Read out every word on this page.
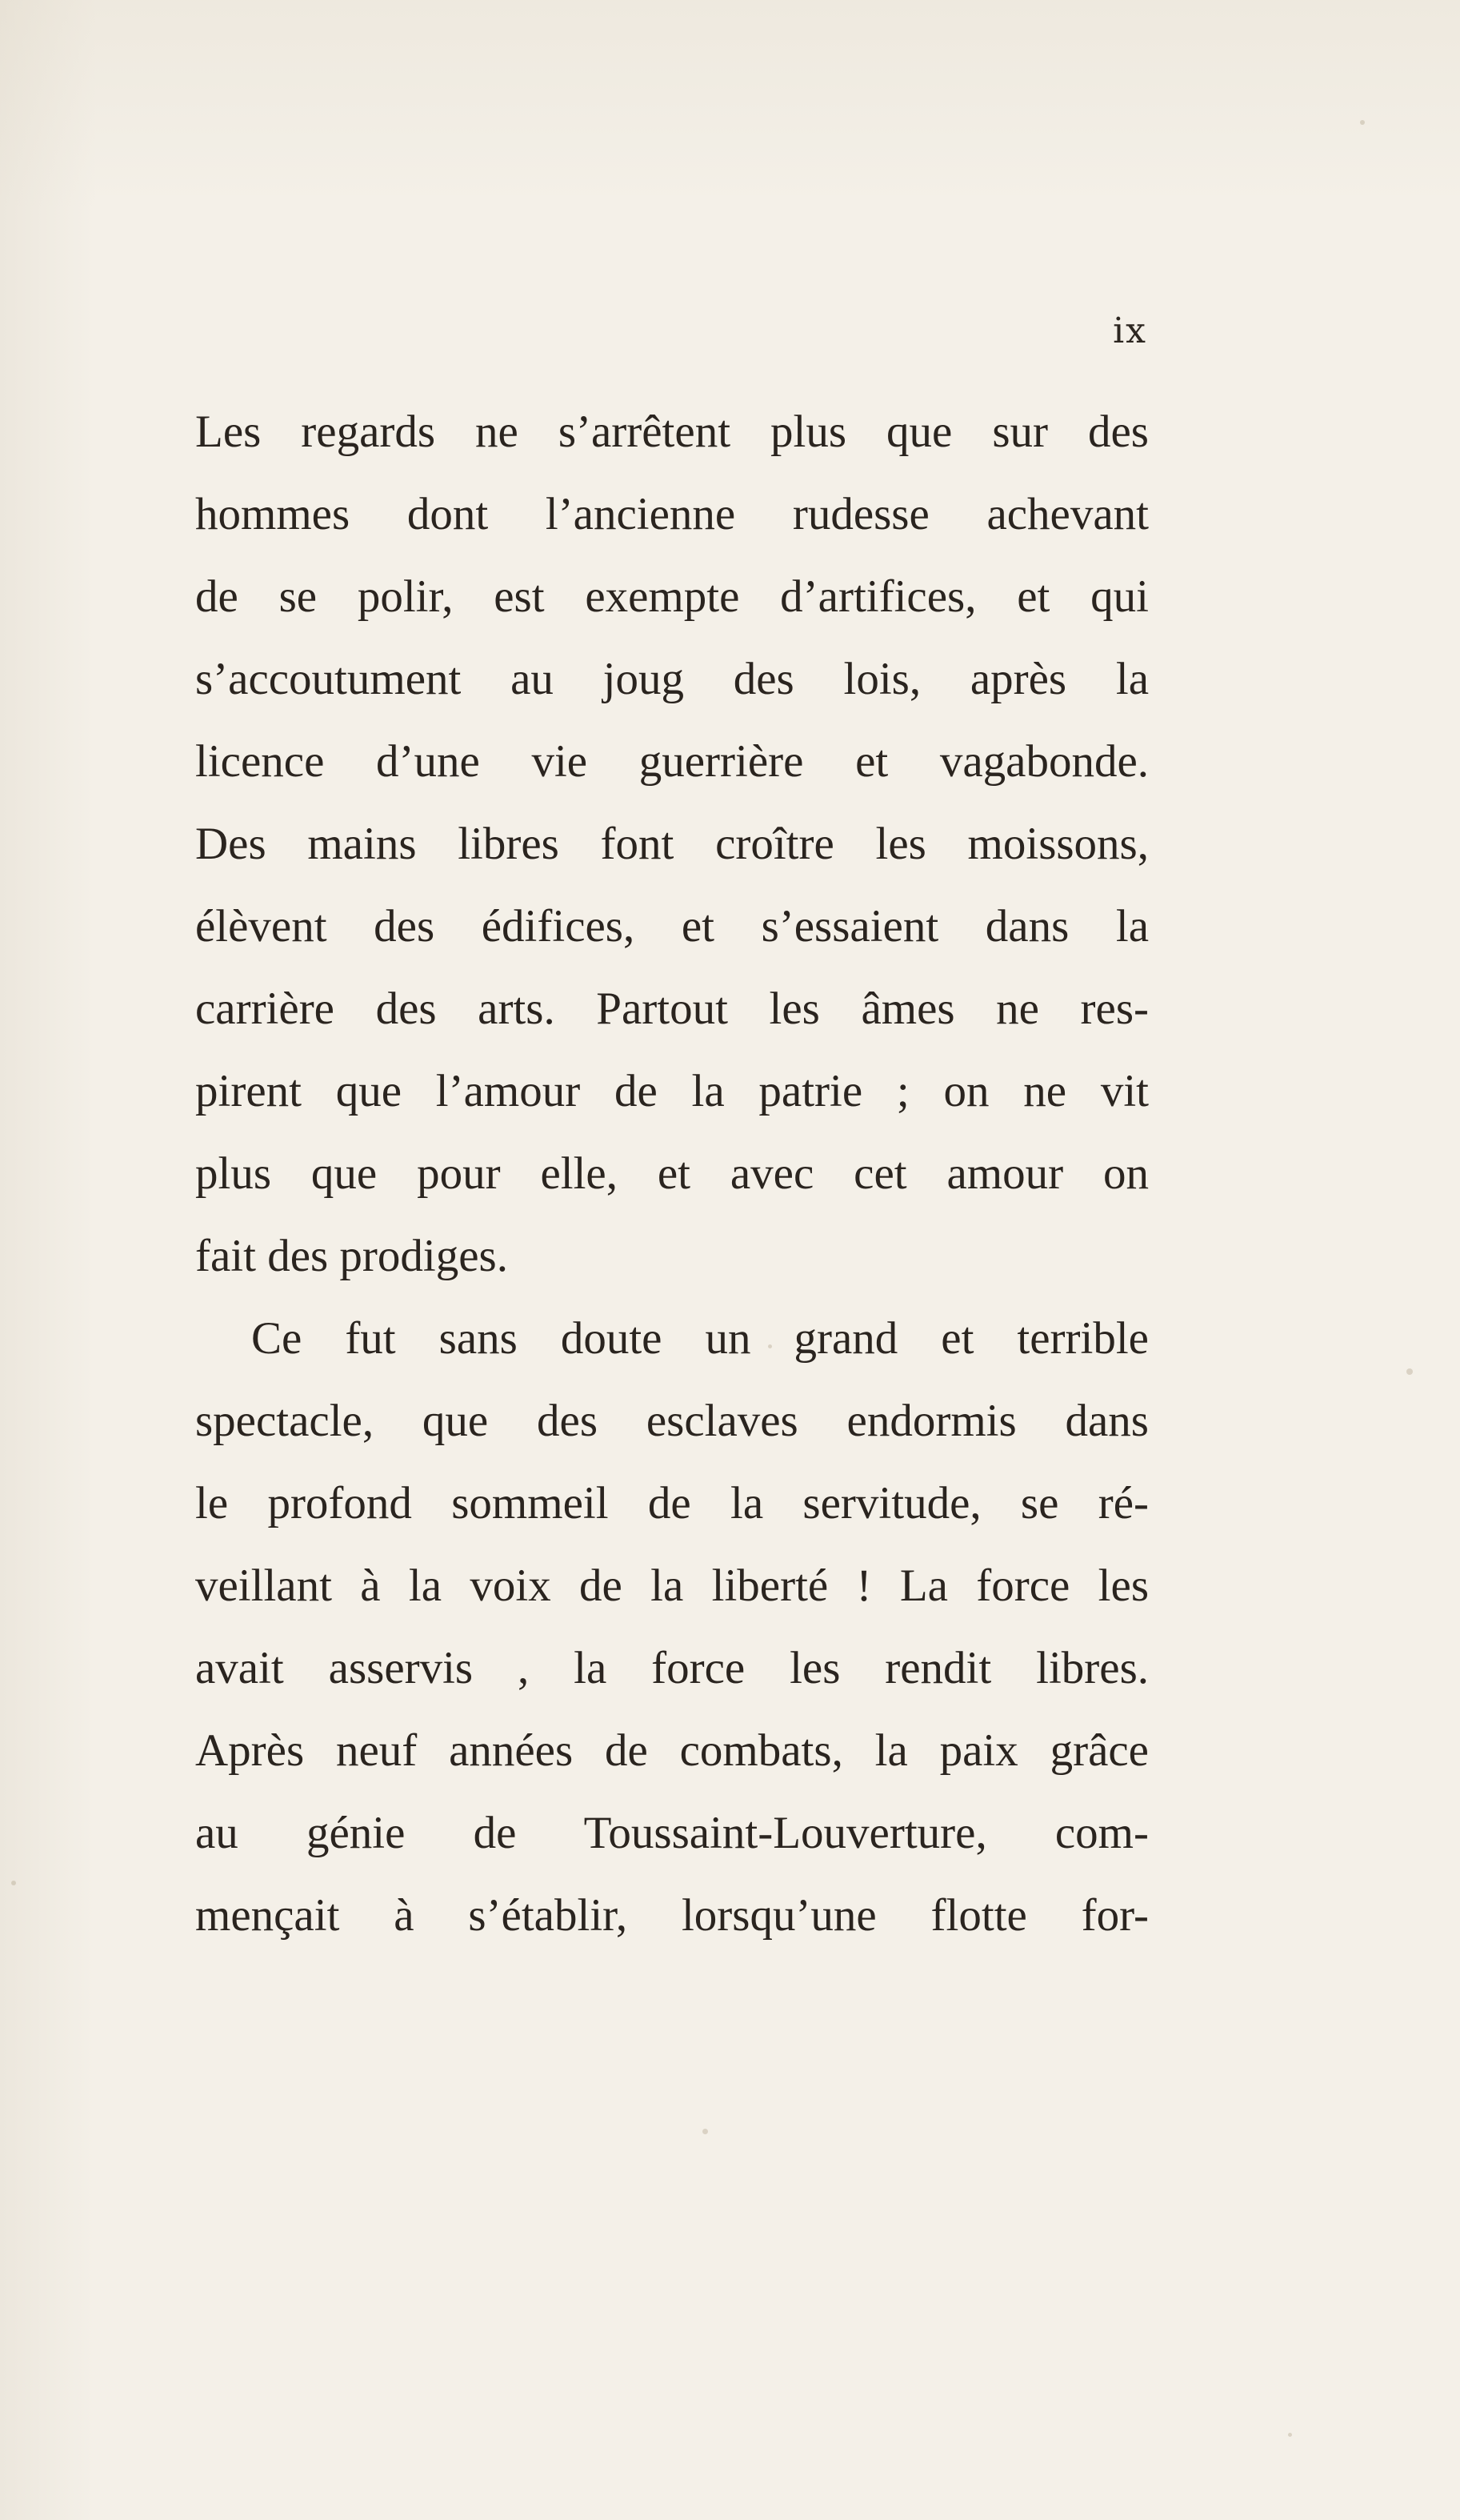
ix
Les regards ne s’arrêtent plus que sur des
hommes dont l’ancienne rudesse achevant
de se polir, est exempte d’artifices, et qui
s’accoutument au joug des lois, après la
licence d’une vie guerrière et vagabonde.
Des mains libres font croître les moissons,
élèvent des édifices, et s’essaient dans la
carrière des arts. Partout les âmes ne res-
pirent que l’amour de la patrie ; on ne vit
plus que pour elle, et avec cet amour on
fait des prodiges.
Ce fut sans doute un grand et terrible
spectacle, que des esclaves endormis dans
le profond sommeil de la servitude, se ré-
veillant à la voix de la liberté ! La force les
avait asservis , la force les rendit libres.
Après neuf années de combats, la paix grâce
au génie de Toussaint-Louverture, com-
mençait à s’établir, lorsqu’une flotte for-
